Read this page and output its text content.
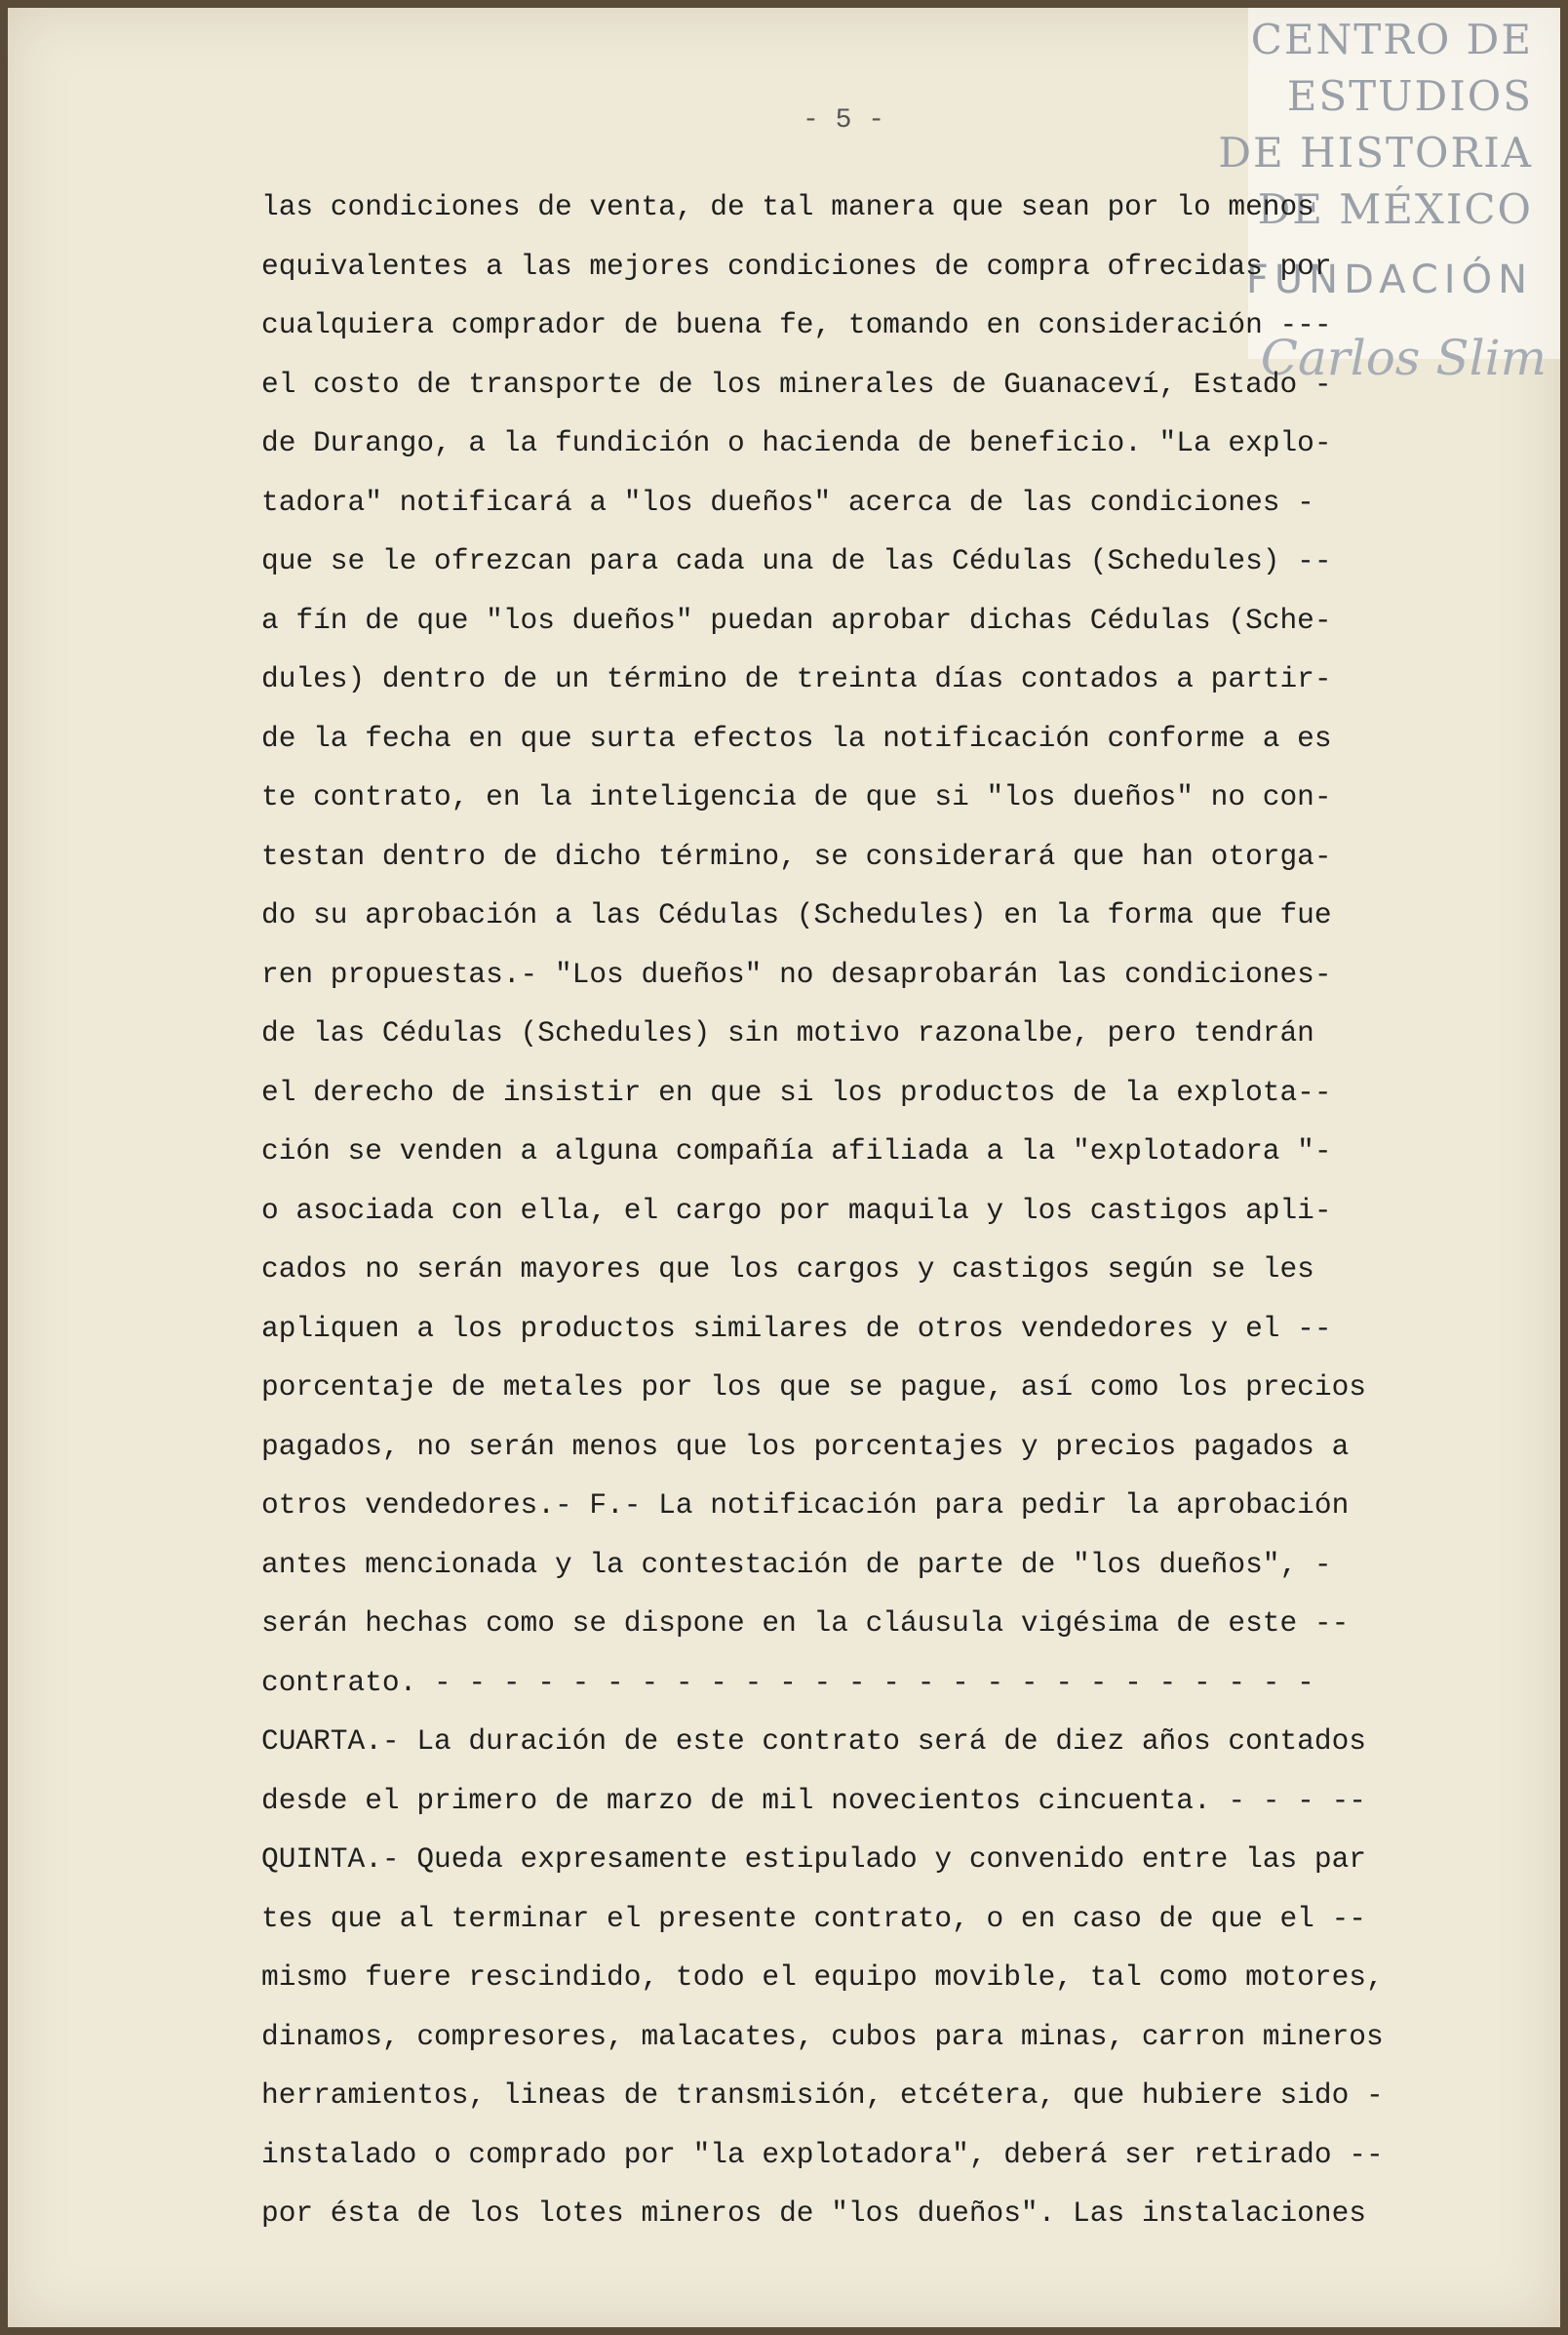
CENTRO DE
ESTUDIOS
DE HISTORIA
DE MÉXICO
FUNDACIÓN
Carlos Slim
- 5 -
las condiciones de venta, de tal manera que sean por lo menos
equivalentes a las mejores condiciones de compra ofrecidas por
cualquiera comprador de buena fe, tomando en consideración ---
el costo de transporte de los minerales de Guanaceví, Estado -
de Durango, a la fundición o hacienda de beneficio. "La explo-
tadora" notificará a "los dueños" acerca de las condiciones -
que se le ofrezcan para cada una de las Cédulas (Schedules) --
a fín de que "los dueños" puedan aprobar dichas Cédulas (Sche-
dules) dentro de un término de treinta días contados a partir-
de la fecha en que surta efectos la notificación conforme a es
te contrato, en la inteligencia de que si "los dueños" no con-
testan dentro de dicho término, se considerará que han otorga-
do su aprobación a las Cédulas (Schedules) en la forma que fue
ren propuestas.- "Los dueños" no desaprobarán las condiciones-
de las Cédulas (Schedules) sin motivo razonalbe, pero tendrán
el derecho de insistir en que si los productos de la explota--
ción se venden a alguna compañía afiliada a la "explotadora "-
o asociada con ella, el cargo por maquila y los castigos apli-
cados no serán mayores que los cargos y castigos según se les
apliquen a los productos similares de otros vendedores y el --
porcentaje de metales por los que se pague, así como los precios
pagados, no serán menos que los porcentajes y precios pagados a
otros vendedores.- F.- La notificación para pedir la aprobación
antes mencionada y la contestación de parte de "los dueños", -
serán hechas como se dispone en la cláusula vigésima de este --
contrato. - - - - - - - - - - - - - - - - - - - - - - - - - -
CUARTA.- La duración de este contrato será de diez años contados
desde el primero de marzo de mil novecientos cincuenta. - - - --
QUINTA.- Queda expresamente estipulado y convenido entre las par
tes que al terminar el presente contrato, o en caso de que el --
mismo fuere rescindido, todo el equipo movible, tal como motores,
dinamos, compresores, malacates, cubos para minas, carron mineros
herramientos, lineas de transmisión, etcétera, que hubiere sido -
instalado o comprado por "la explotadora", deberá ser retirado --
por ésta de los lotes mineros de "los dueños". Las instalaciones
